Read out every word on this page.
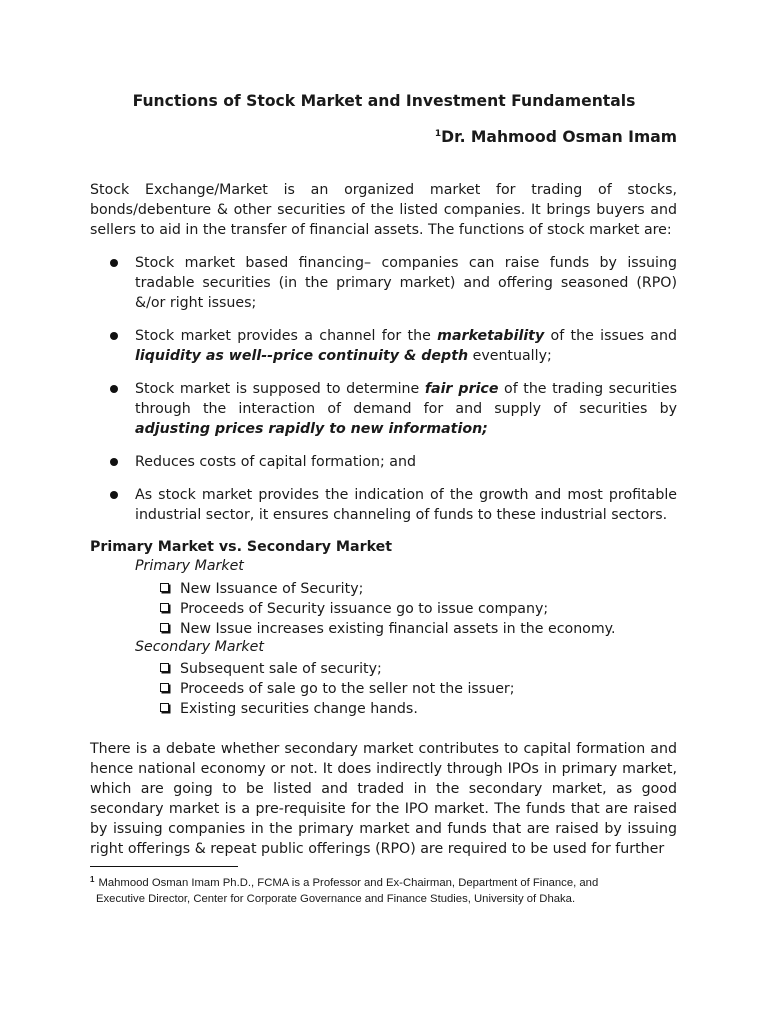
Functions of Stock Market and Investment Fundamentals
$^1$Dr. Mahmood Osman Imam
Stock Exchange/Market is an organized market for trading of stocks, bonds/debenture & other securities of the listed companies. It brings buyers and sellers to aid in the transfer of financial assets. The functions of stock market are:
Stock market based financing– companies can raise funds by issuing tradable securities (in the primary market) and offering seasoned (RPO) &/or right issues;
Stock market provides a channel for the marketability of the issues and liquidity as well--price continuity & depth eventually;
Stock market is supposed to determine fair price of the trading securities through the interaction of demand for and supply of securities by adjusting prices rapidly to new information;
Reduces costs of capital formation; and
As stock market provides the indication of the growth and most profitable industrial sector, it ensures channeling of funds to these industrial sectors.
Primary Market vs. Secondary Market
Primary Market
New Issuance of Security;
Proceeds of Security issuance go to issue company;
New Issue increases existing financial assets in the economy.
Secondary Market
Subsequent sale of security;
Proceeds of sale go to the seller not the issuer;
Existing securities change hands.
There is a debate whether secondary market contributes to capital formation and hence national economy or not. It does indirectly through IPOs in primary market, which are going to be listed and traded in the secondary market, as good secondary market is a pre-requisite for the IPO market. The funds that are raised by issuing companies in the primary market and funds that are raised by issuing right offerings & repeat public offerings (RPO) are required to be used for further
$^1$ Mahmood Osman Imam Ph.D., FCMA is a Professor and Ex-Chairman, Department of Finance, and
Executive Director, Center for Corporate Governance and Finance Studies, University of Dhaka.
